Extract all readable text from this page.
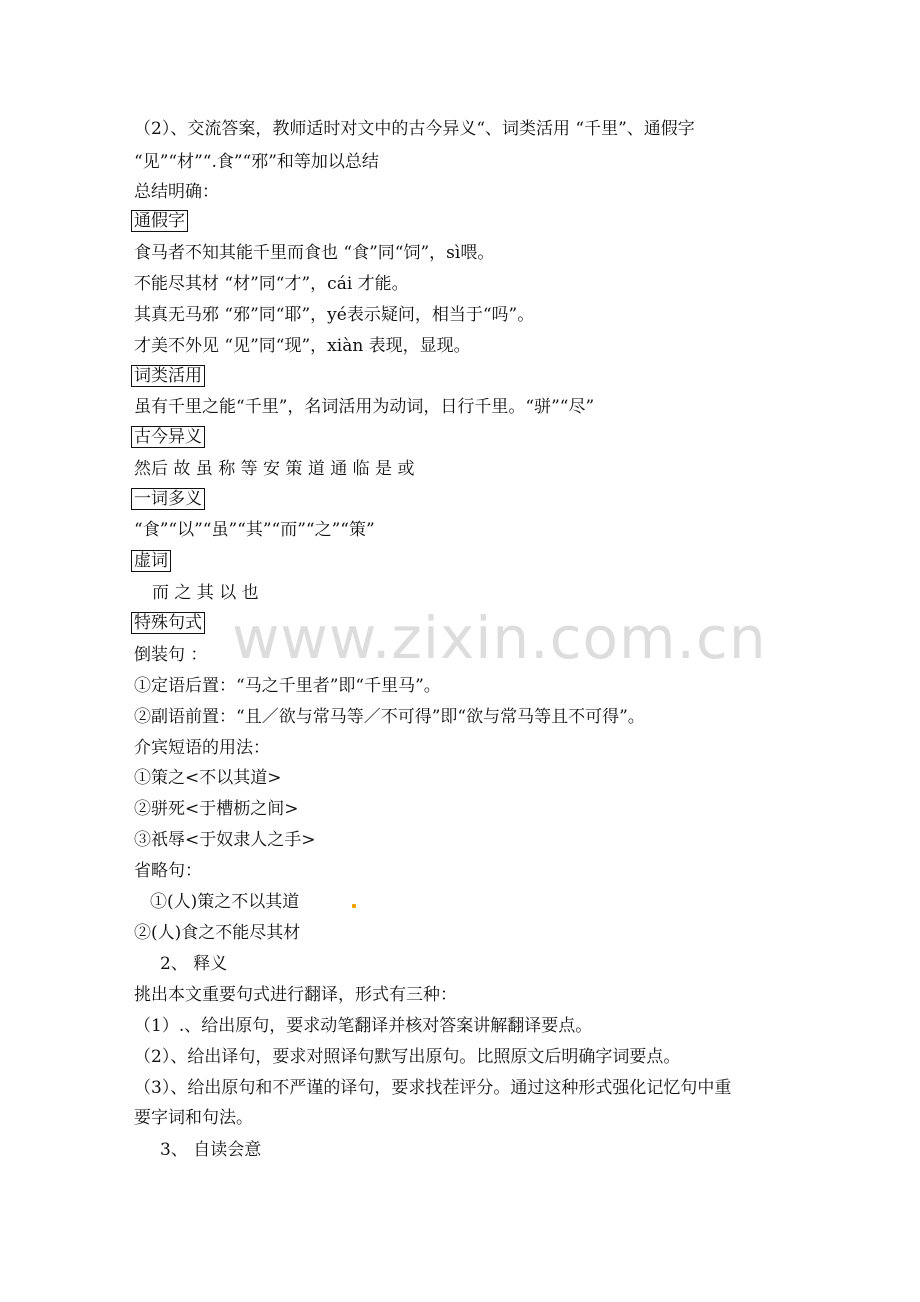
（2）、交流答案，教师适时对文中的古今异义“、词类活用 “千里”、通假字
“见”“材”“.食”“邪”和等加以总结
总结明确：
通假字
食马者不知其能千里而食也 “食”同“饲”，sì喂。
不能尽其材 “材”同“才”，cái 才能。
其真无马邪 “邪”同“耶”，yé表示疑问，相当于“吗”。
才美不外见 “见”同“现”，xiàn 表现，显现。
词类活用
虽有千里之能“千里”，名词活用为动词，日行千里。“骈”“尽”
古今异义
然后 故 虽 称 等 安 策 道 通 临 是 或
一词多义
“食”“以”“虽”“其”“而”“之”“策”
虚词
而 之 其 以 也
特殊句式
倒装句 ：
①定语后置：“马之千里者”即“千里马”。
②副语前置：“且／欲与常马等／不可得”即“欲与常马等且不可得”。
介宾短语的用法：
①策之<不以其道>
②骈死<于槽枥之间>
③祇辱<于奴隶人之手>
省略句：
①(人)策之不以其道
②(人)食之不能尽其材
2、 释义
挑出本文重要句式进行翻译，形式有三种：
（1）.、给出原句，要求动笔翻译并核对答案讲解翻译要点。
（2）、给出译句，要求对照译句默写出原句。比照原文后明确字词要点。
（3）、给出原句和不严谨的译句，要求找茬评分。通过这种形式强化记忆句中重
要字词和句法。
3、 自读会意
www.zixin.com.cn
